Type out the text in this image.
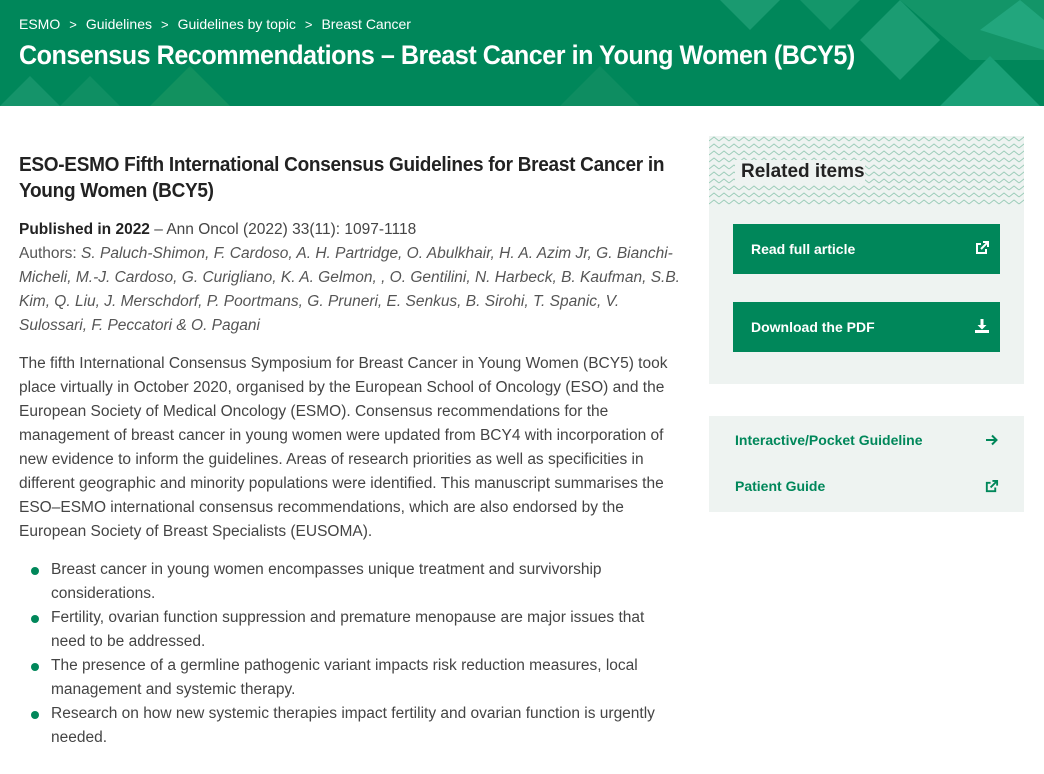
ESMO > Guidelines > Guidelines by topic > Breast Cancer
Consensus Recommendations – Breast Cancer in Young Women (BCY5)
ESO-ESMO Fifth International Consensus Guidelines for Breast Cancer in Young Women (BCY5)

Published in 2022 – Ann Oncol (2022) 33(11): 1097-1118

Authors: S. Paluch-Shimon, F. Cardoso, A. H. Partridge, O. Abulkhair, H. A. Azim Jr, G. Bianchi-Micheli, M.-J. Cardoso, G. Curigliano, K. A. Gelmon, , O. Gentilini, N. Harbeck, B. Kaufman, S.B. Kim, Q. Liu, J. Merschdorf, P. Poortmans, G. Pruneri, E. Senkus, B. Sirohi, T. Spanic, V. Sulossari, F. Peccatori & O. Pagani

The fifth International Consensus Symposium for Breast Cancer in Young Women (BCY5) took place virtually in October 2020, organised by the European School of Oncology (ESO) and the European Society of Medical Oncology (ESMO). Consensus recommendations for the management of breast cancer in young women were updated from BCY4 with incorporation of new evidence to inform the guidelines. Areas of research priorities as well as specificities in different geographic and minority populations were identified. This manuscript summarises the ESO–ESMO international consensus recommendations, which are also endorsed by the European Society of Breast Specialists (EUSOMA).

Breast cancer in young women encompasses unique treatment and survivorship considerations.
Fertility, ovarian function suppression and premature menopause are major issues that need to be addressed.
The presence of a germline pathogenic variant impacts risk reduction measures, local management and systemic therapy.
Research on how new systemic therapies impact fertility and ovarian function is urgently needed.
Related items
Read full article
Download the PDF
Interactive/Pocket Guideline
Patient Guide
